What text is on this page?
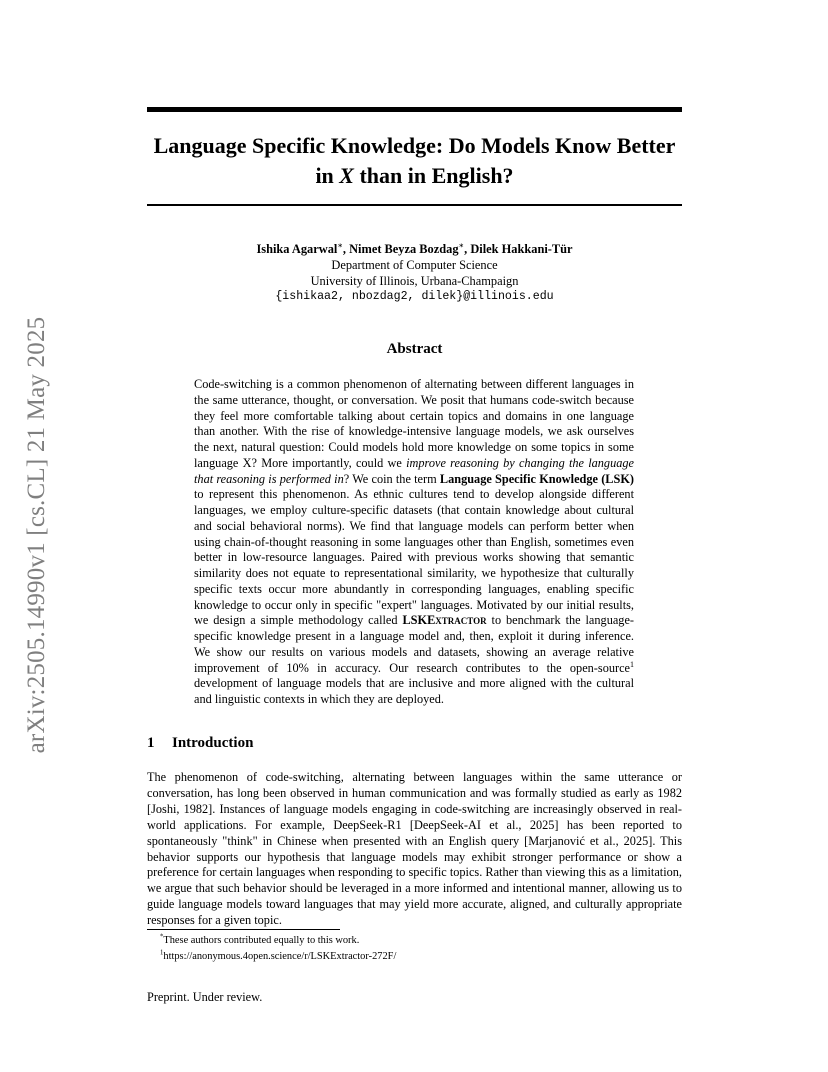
arXiv:2505.14990v1 [cs.CL] 21 May 2025
Language Specific Knowledge: Do Models Know Better in X than in English?
Ishika Agarwal∗, Nimet Beyza Bozdag∗, Dilek Hakkani-Tür
Department of Computer Science
University of Illinois, Urbana-Champaign
{ishikaa2, nbozdag2, dilek}@illinois.edu
Abstract
Code-switching is a common phenomenon of alternating between different languages in the same utterance, thought, or conversation. We posit that humans code-switch because they feel more comfortable talking about certain topics and domains in one language than another. With the rise of knowledge-intensive language models, we ask ourselves the next, natural question: Could models hold more knowledge on some topics in some language X? More importantly, could we improve reasoning by changing the language that reasoning is performed in? We coin the term Language Specific Knowledge (LSK) to represent this phenomenon. As ethnic cultures tend to develop alongside different languages, we employ culture-specific datasets (that contain knowledge about cultural and social behavioral norms). We find that language models can perform better when using chain-of-thought reasoning in some languages other than English, sometimes even better in low-resource languages. Paired with previous works showing that semantic similarity does not equate to representational similarity, we hypothesize that culturally specific texts occur more abundantly in corresponding languages, enabling specific knowledge to occur only in specific "expert" languages. Motivated by our initial results, we design a simple methodology called LSKExtractor to benchmark the language-specific knowledge present in a language model and, then, exploit it during inference. We show our results on various models and datasets, showing an average relative improvement of 10% in accuracy. Our research contributes to the open-source$^1$ development of language models that are inclusive and more aligned with the cultural and linguistic contexts in which they are deployed.
1 Introduction
The phenomenon of code-switching, alternating between languages within the same utterance or conversation, has long been observed in human communication and was formally studied as early as 1982 [Joshi, 1982]. Instances of language models engaging in code-switching are increasingly observed in real-world applications. For example, DeepSeek-R1 [DeepSeek-AI et al., 2025] has been reported to spontaneously "think" in Chinese when presented with an English query [Marjanović et al., 2025]. This behavior supports our hypothesis that language models may exhibit stronger performance or show a preference for certain languages when responding to specific topics. Rather than viewing this as a limitation, we argue that such behavior should be leveraged in a more informed and intentional manner, allowing us to guide language models toward languages that may yield more accurate, aligned, and culturally appropriate responses for a given topic.
*These authors contributed equally to this work.
$^1$https://anonymous.4open.science/r/LSKExtractor-272F/
Preprint. Under review.
